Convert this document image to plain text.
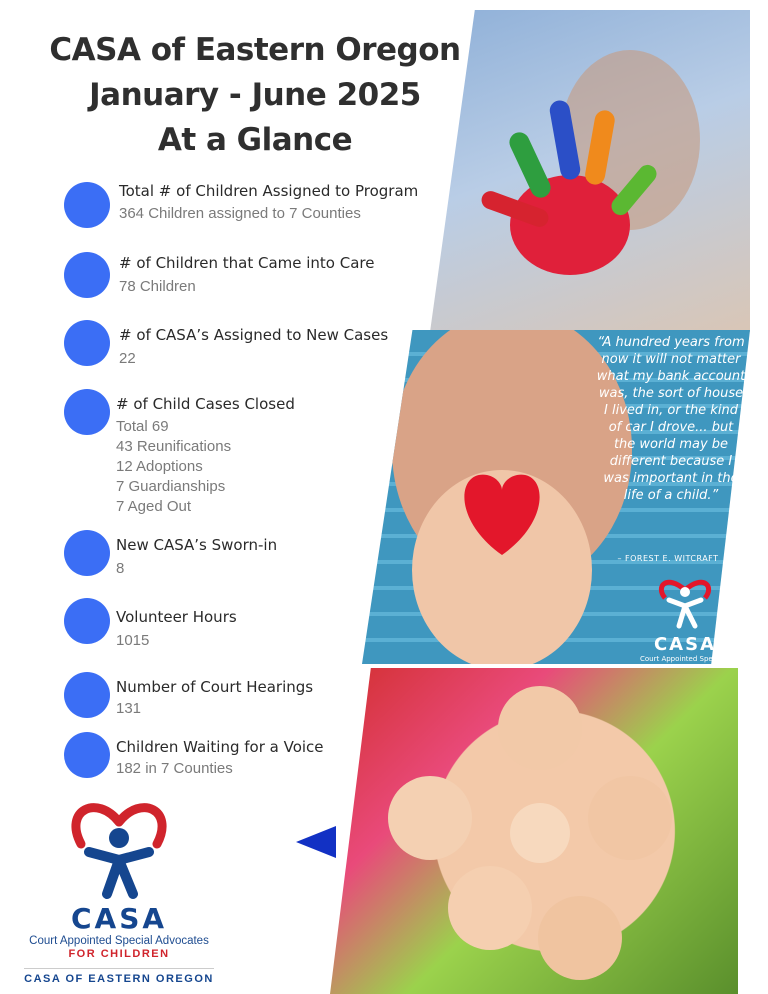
CASA of Eastern Oregon
January - June 2025
At a Glance
Total # of Children Assigned to Program
364 Children assigned to 7 Counties
# of Children that Came into Care
78 Children
# of CASA’s Assigned to New Cases
22
# of Child Cases Closed
Total 69
43 Reunifications
12 Adoptions
7 Guardianships
7 Aged Out
New CASA’s Sworn-in
8
Volunteer Hours
1015
Number of Court Hearings
131
Children Waiting for a Voice
182 in 7 Counties
“A hundred years from now it will not matter what my bank account was, the sort of house I lived in, or the kind of car I drove... but the world may be different because I was important in the life of a child.”
– FOREST E. WITCRAFT
CASA
Court Appointed Special Advoca
CASA
Court Appointed Special Advocates
FOR CHILDREN
CASA OF EASTERN OREGON
